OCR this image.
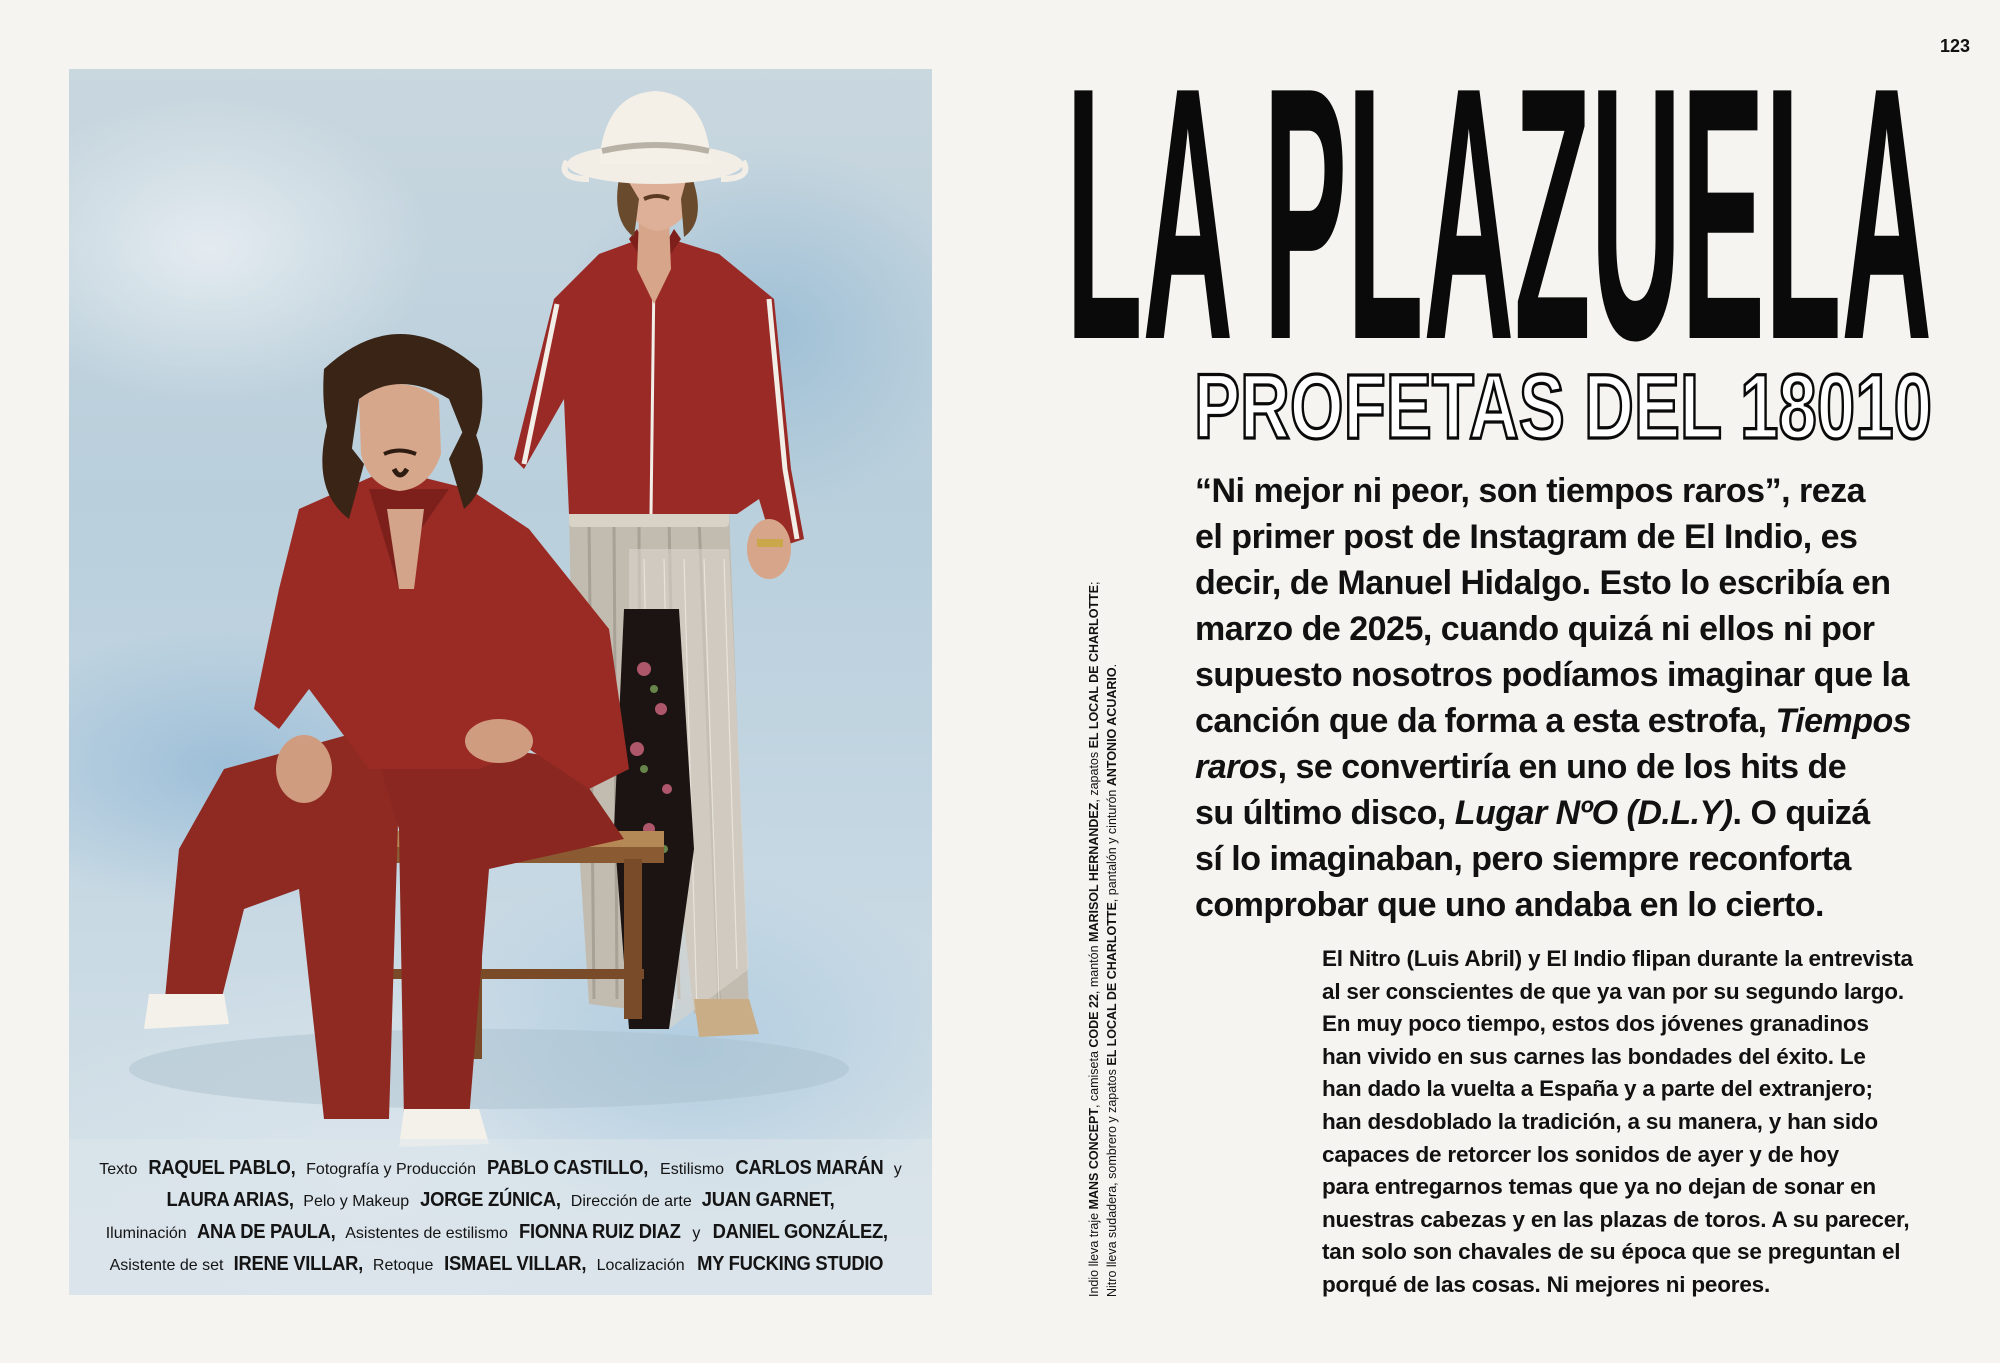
Texto RAQUEL PABLO, Fotografía y Producción PABLO CASTILLO, Estilismo CARLOS MARÁN y
LAURA ARIAS, Pelo y Makeup JORGE ZÚNICA, Dirección de arte JUAN GARNET,
Iluminación ANA DE PAULA, Asistentes de estilismo FIONNA RUIZ DIAZ y DANIEL GONZÁLEZ,
Asistente de set IRENE VILLAR, Retoque ISMAEL VILLAR, Localización MY FUCKING STUDIO	Indio lleva traje MANS CONCEPT, camiseta CODE 22, mantón MARISOL HERNANDEZ, zapatos EL LOCAL DE CHARLOTTE;
Nitro lleva sudadera, sombrero y zapatos EL LOCAL DE CHARLOTTE, pantalón y cinturón ANTONIO ACUARIO.
123
LA PLAZUELA
PROFETAS DEL 18010
“Ni mejor ni peor, son tiempos raros”, reza
el primer post de Instagram de El Indio, es
decir, de Manuel Hidalgo. Esto lo escribía en
marzo de 2025, cuando quizá ni ellos ni por
supuesto nosotros podíamos imaginar que la
canción que da forma a esta estrofa, Tiempos
raros, se convertiría en uno de los hits de
su último disco, Lugar NºO (D.L.Y). O quizá
sí lo imaginaban, pero siempre reconforta
comprobar que uno andaba en lo cierto.
El Nitro (Luis Abril) y El Indio flipan durante la entrevista
al ser conscientes de que ya van por su segundo largo.
En muy poco tiempo, estos dos jóvenes granadinos
han vivido en sus carnes las bondades del éxito. Le
han dado la vuelta a España y a parte del extranjero;
han desdoblado la tradición, a su manera, y han sido
capaces de retorcer los sonidos de ayer y de hoy
para entregarnos temas que ya no dejan de sonar en
nuestras cabezas y en las plazas de toros. A su parecer,
tan solo son chavales de su época que se preguntan el
porqué de las cosas. Ni mejores ni peores.
